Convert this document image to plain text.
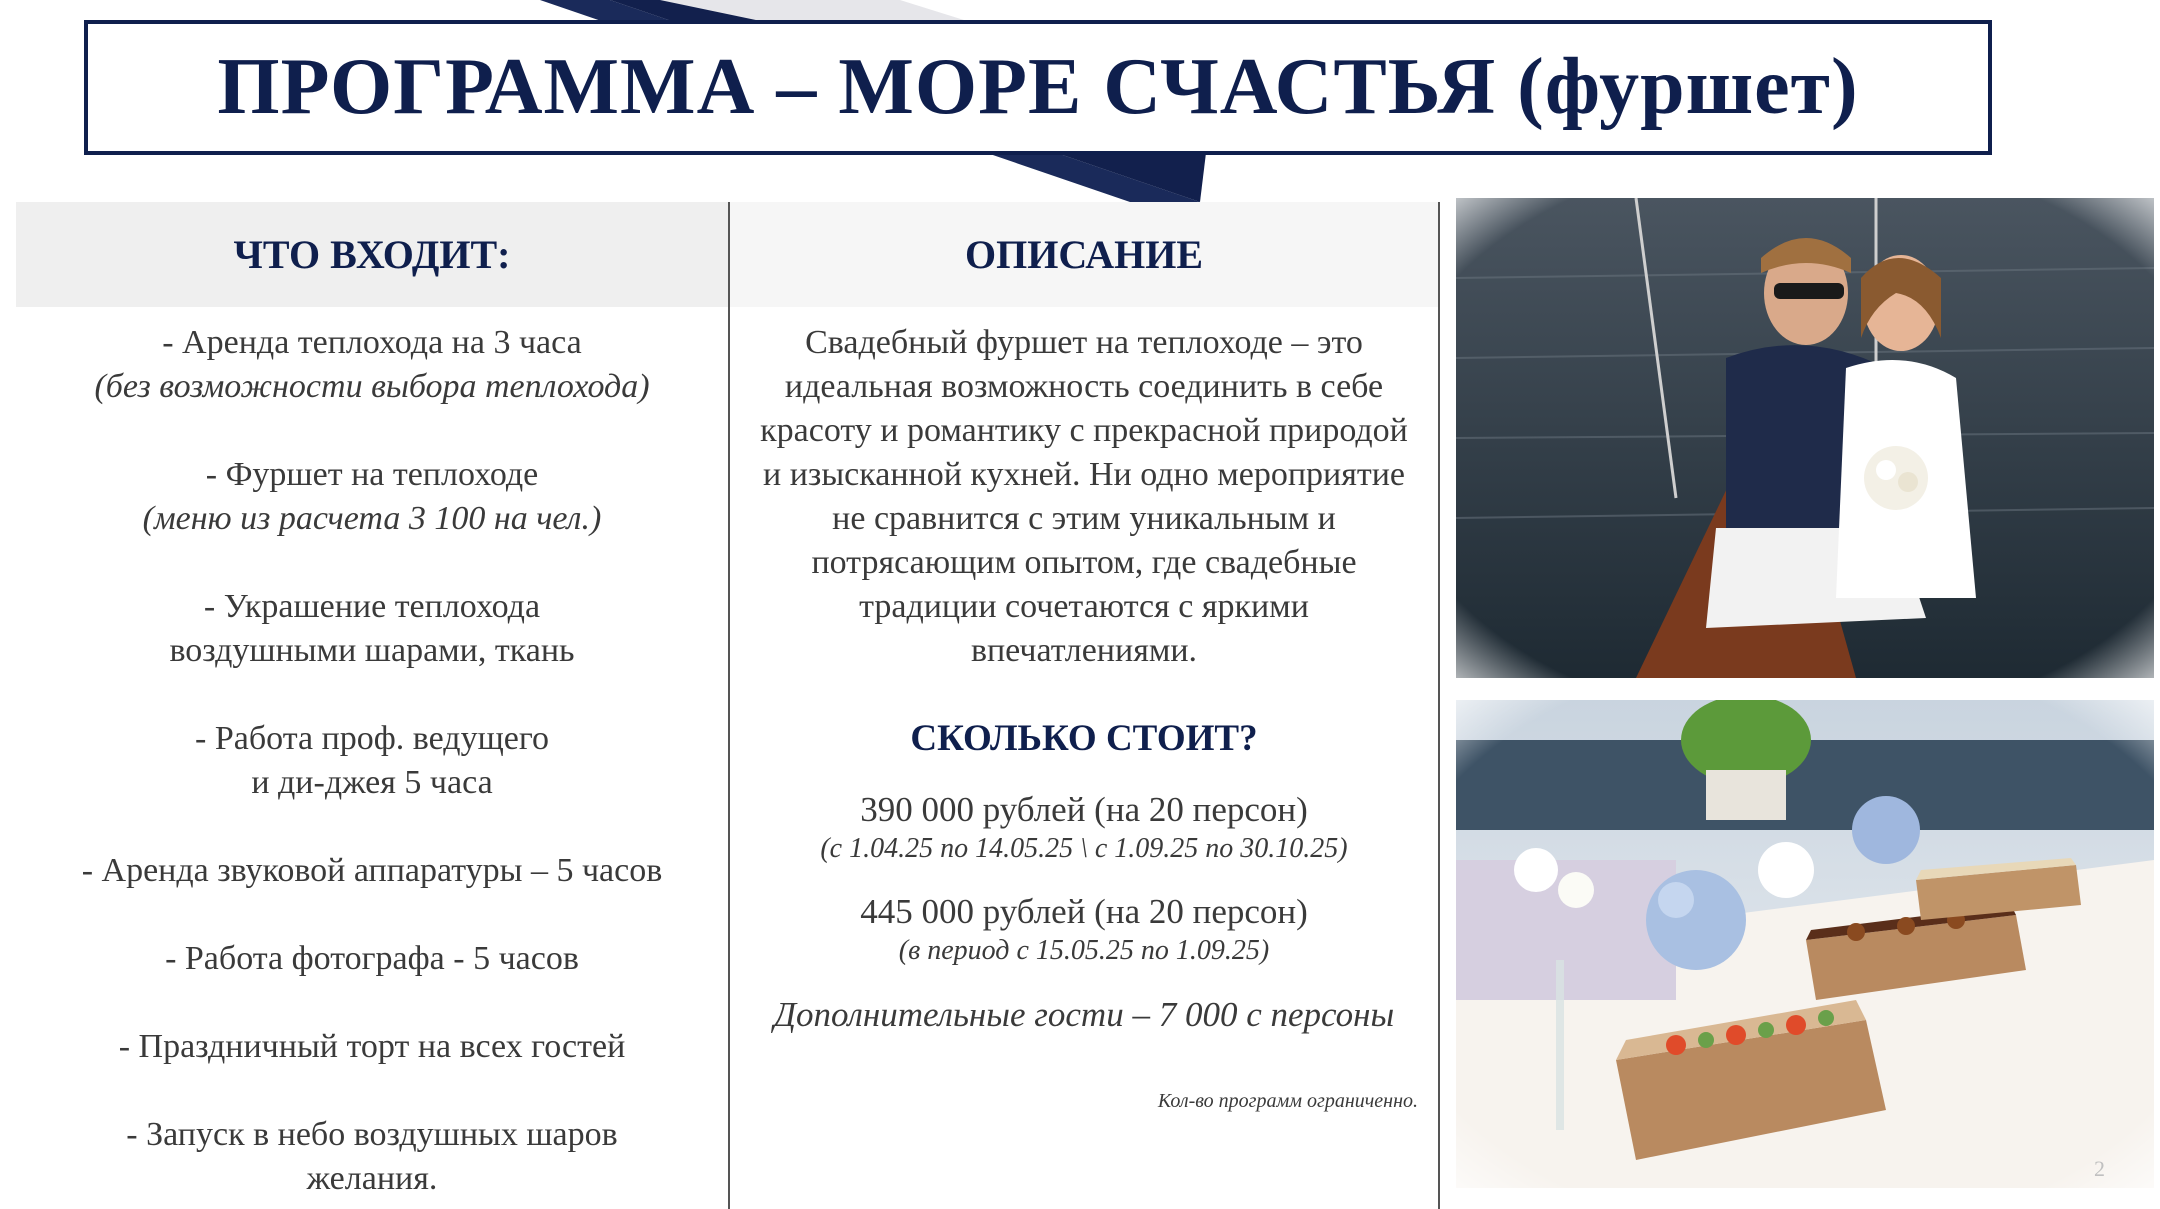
ПРОГРАММА – МОРЕ СЧАСТЬЯ (фуршет)
ЧТО ВХОДИТ:
- Аренда теплохода на 3 часа
(без возможности выбора теплохода)
- Фуршет на теплоходе
(меню из расчета 3 100 на чел.)
- Украшение теплохода
воздушными шарами, ткань
- Работа проф. ведущего
и ди-джея 5 часа
- Аренда звуковой аппаратуры – 5 часов
- Работа фотографа - 5 часов
- Праздничный торт на всех гостей
- Запуск в небо воздушных шаров
желания.
ОПИСАНИЕ

Свадебный фуршет на теплоходе – это идеальная возможность соединить в себе красоту и романтику с прекрасной природой и изысканной кухней. Ни одно мероприятие не сравнится с этим уникальным и потрясающим опытом, где свадебные традиции сочетаются с яркими впечатлениями.

СКОЛЬКО СТОИТ?
390 000 рублей (на 20 персон)
(с 1.04.25 по 14.05.25 \ с 1.09.25 по 30.10.25)
445 000 рублей (на 20 персон)
(в период с 15.05.25 по 1.09.25)
Дополнительные гости – 7 000 с персоны
Кол-во программ ограниченно.
2
